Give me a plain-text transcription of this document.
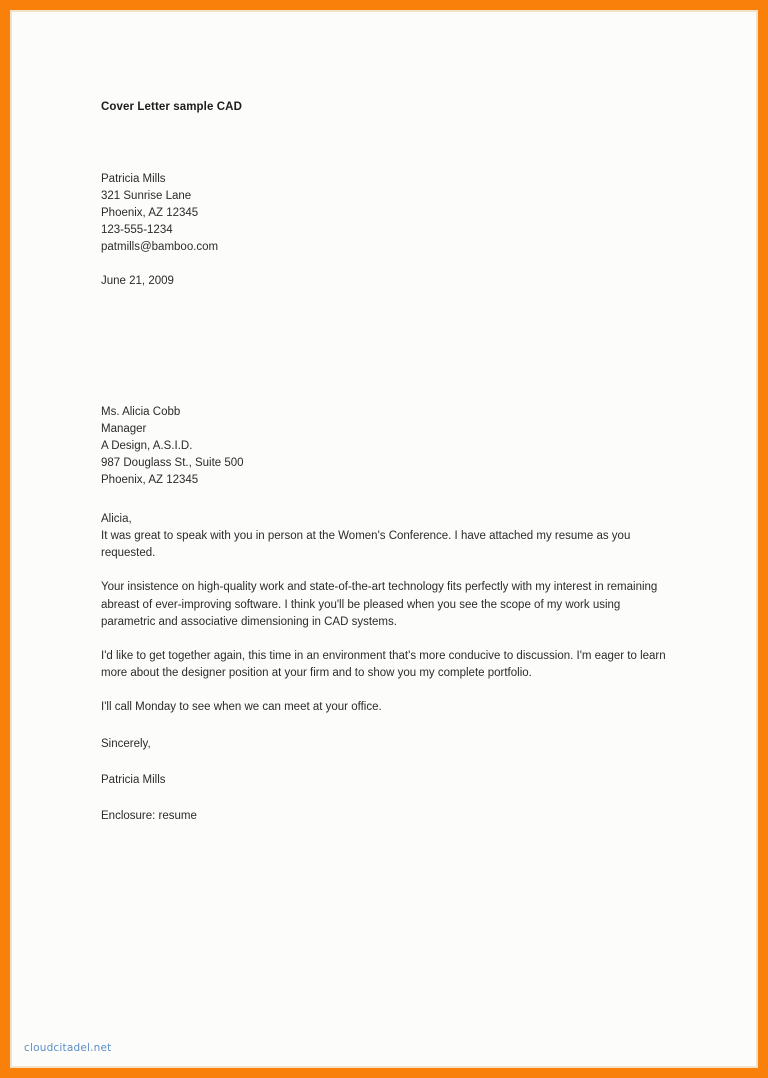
Cover Letter sample CAD
Patricia Mills
321 Sunrise Lane
Phoenix, AZ 12345
123-555-1234
patmills@bamboo.com
June 21, 2009
Ms. Alicia Cobb
Manager
A Design, A.S.I.D.
987 Douglass St., Suite 500
Phoenix, AZ 12345
Alicia,

It was great to speak with you in person at the Women's Conference. I have attached my resume as you requested.

Your insistence on high-quality work and state-of-the-art technology fits perfectly with my interest in remaining abreast of ever-improving software. I think you'll be pleased when you see the scope of my work using parametric and associative dimensioning in CAD systems.

I'd like to get together again, this time in an environment that's more conducive to discussion. I'm eager to learn more about the designer position at your firm and to show you my complete portfolio.

I'll call Monday to see when we can meet at your office.

Sincerely,
Patricia Mills
Enclosure: resume
cloudcitadel.net
